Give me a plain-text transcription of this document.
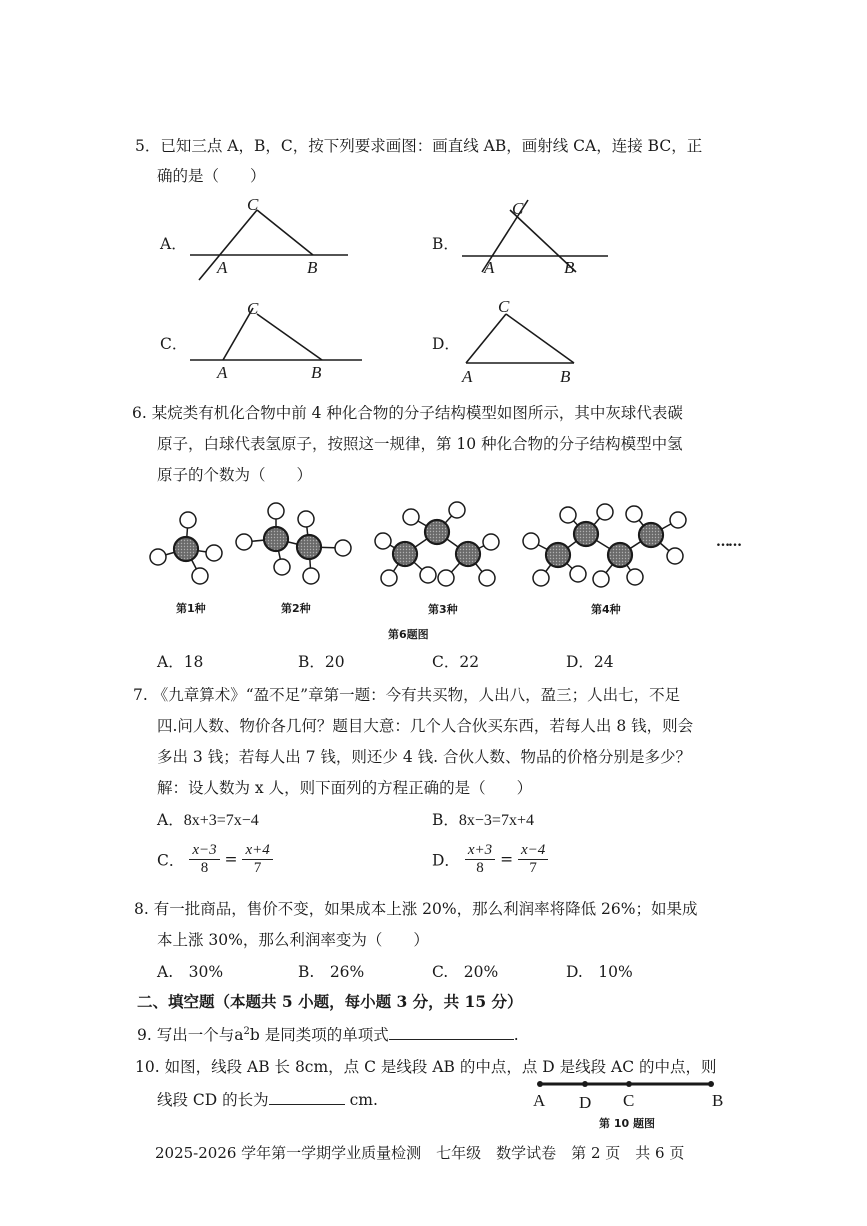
5．已知三点 A，B，C，按下列要求画图：画直线 AB，画射线 CA，连接 BC，正
确的是（　　）
A．
C
A	B
B．
C
A	B
C．
C
A	B
D．
C
A	B
6. 某烷类有机化合物中前 4 种化合物的分子结构模型如图所示，其中灰球代表碳
原子，白球代表氢原子，按照这一规律，第 10 种化合物的分子结构模型中氢
原子的个数为（　　）
……
第1种	第2种	第3种	第4种
第6题图
A．18	B．20	C．22	D．24
7. 《九章算术》“盈不足”章第一题：今有共买物，人出八，盈三；人出七，不足
四.问人数、物价各几何？题目大意：几个人合伙买东西，若每人出 8 钱，则会
多出 3 钱；若每人出 7 钱，则还少 4 钱. 合伙人数、物品的价格分别是多少？
解：设人数为 x 人，则下面列的方程正确的是（　　）
A．8x+3=7x−4	B．8x−3=7x+4
C． $\frac{x-3}{8} = \frac{x+4}{7}$	D． $\frac{x+3}{8} = \frac{x-4}{7}$
8. 有一批商品，售价不变，如果成本上涨 20%，那么利润率将降低 26%；如果成
本上涨 30%，那么利润率变为（　　）
A.　30%	B.　26%	C.　20%	D.　10%
二、填空题（本题共 5 小题，每小题 3 分，共 15 分）
9. 写出一个与$a^2b$ 是同类项的单项式	.
10. 如图，线段 AB 长 8cm，点 C 是线段 AB 的中点，点 D 是线段 AC 的中点，则
线段 CD 的长为	cm.	A D C	B
第 10 题图
2025-2026 学年第一学期学业质量检测　七年级　数学试卷　第 2 页　共 6 页
